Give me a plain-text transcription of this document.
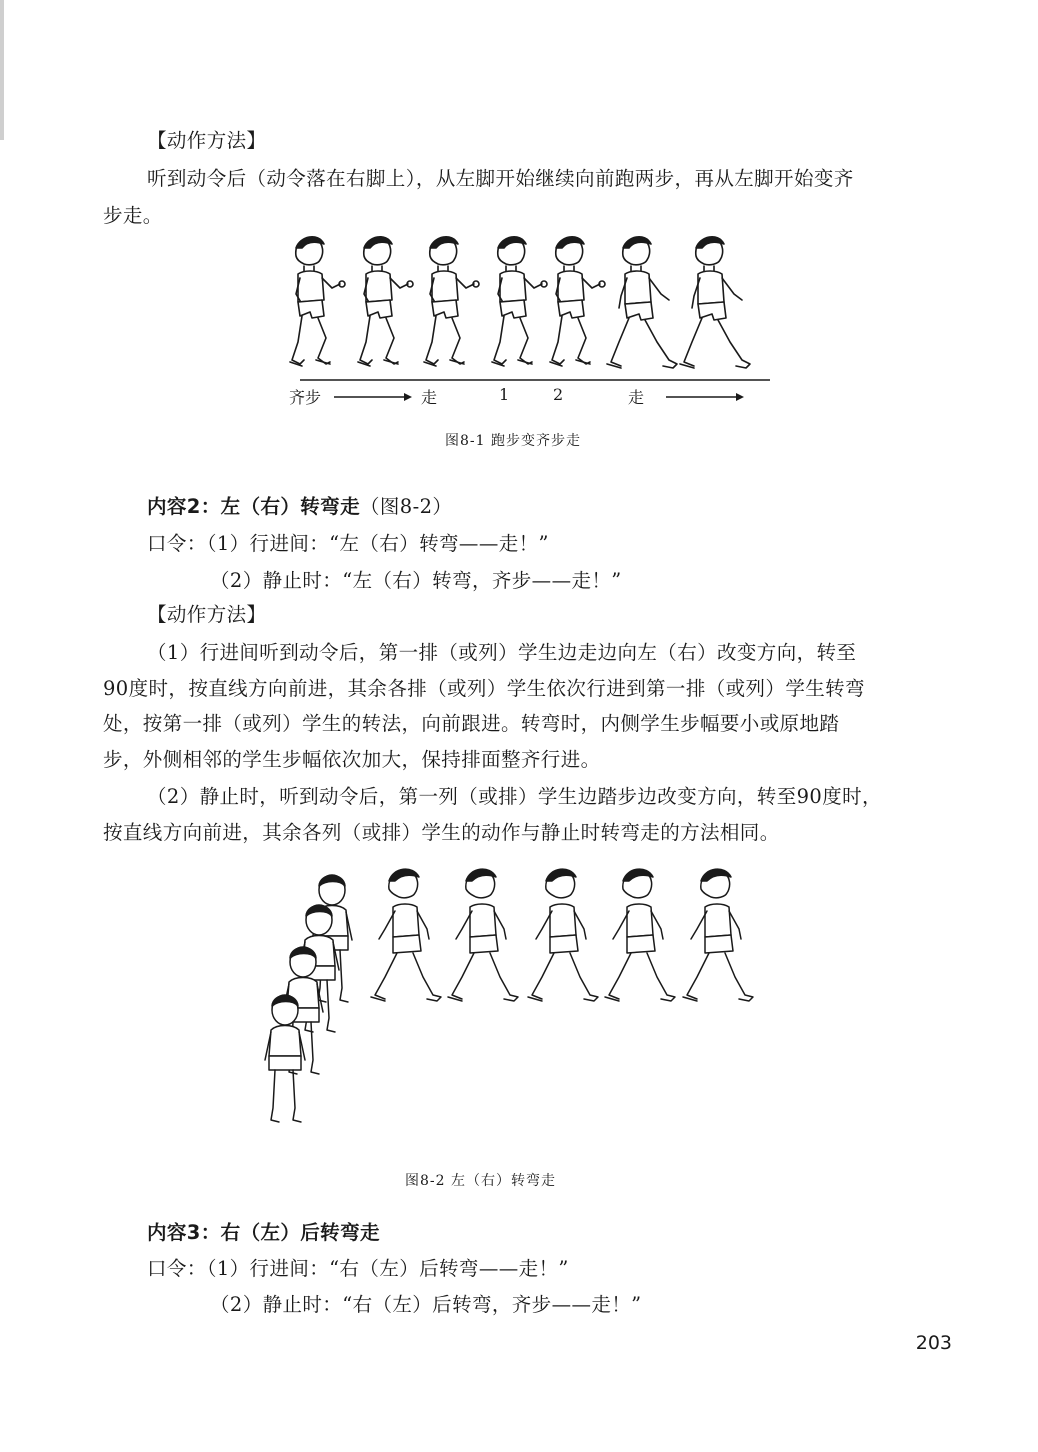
【动作方法】
听到动令后（动令落在右脚上），从左脚开始继续向前跑两步，再从左脚开始变齐
步走。
齐步	走	1	2	走
图8-1 跑步变齐步走
内容2：左（右）转弯走（图8-2）
口令：（1）行进间：“左（右）转弯——走！”
（2）静止时：“左（右）转弯，齐步——走！”
【动作方法】
（1）行进间听到动令后，第一排（或列）学生边走边向左（右）改变方向，转至
90度时，按直线方向前进，其余各排（或列）学生依次行进到第一排（或列）学生转弯
处，按第一排（或列）学生的转法，向前跟进。转弯时，内侧学生步幅要小或原地踏
步，外侧相邻的学生步幅依次加大，保持排面整齐行进。
（2）静止时，听到动令后，第一列（或排）学生边踏步边改变方向，转至90度时，
按直线方向前进，其余各列（或排）学生的动作与静止时转弯走的方法相同。
图8-2 左（右）转弯走
内容3：右（左）后转弯走
口令：（1）行进间：“右（左）后转弯——走！”
（2）静止时：“右（左）后转弯，齐步——走！”
203
